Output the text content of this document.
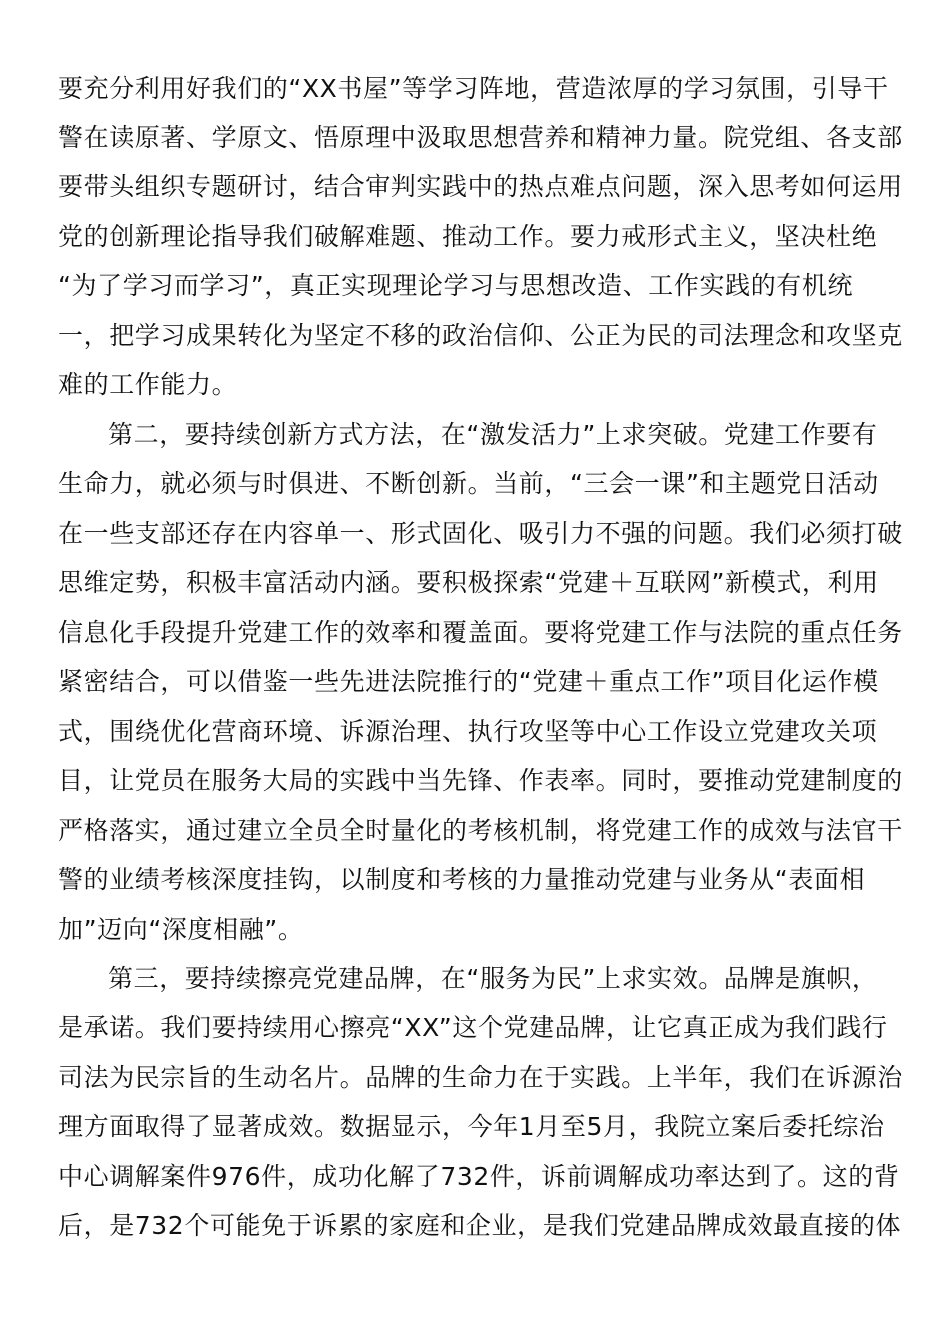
要充分利用好我们的“XX书屋”等学习阵地，营造浓厚的学习氛围，引导干
警在读原著、学原文、悟原理中汲取思想营养和精神力量。院党组、各支部
要带头组织专题研讨，结合审判实践中的热点难点问题，深入思考如何运用
党的创新理论指导我们破解难题、推动工作。要力戒形式主义，坚决杜绝
“为了学习而学习”，真正实现理论学习与思想改造、工作实践的有机统
一，把学习成果转化为坚定不移的政治信仰、公正为民的司法理念和攻坚克
难的工作能力。
第二，要持续创新方式方法，在“激发活力”上求突破。党建工作要有
生命力，就必须与时俱进、不断创新。当前，“三会一课”和主题党日活动
在一些支部还存在内容单一、形式固化、吸引力不强的问题。我们必须打破
思维定势，积极丰富活动内涵。要积极探索“党建＋互联网”新模式，利用
信息化手段提升党建工作的效率和覆盖面。要将党建工作与法院的重点任务
紧密结合，可以借鉴一些先进法院推行的“党建＋重点工作”项目化运作模
式，围绕优化营商环境、诉源治理、执行攻坚等中心工作设立党建攻关项
目，让党员在服务大局的实践中当先锋、作表率。同时，要推动党建制度的
严格落实，通过建立全员全时量化的考核机制，将党建工作的成效与法官干
警的业绩考核深度挂钩，以制度和考核的力量推动党建与业务从“表面相
加”迈向“深度相融”。
第三，要持续擦亮党建品牌，在“服务为民”上求实效。品牌是旗帜，
是承诺。我们要持续用心擦亮“XX”这个党建品牌，让它真正成为我们践行
司法为民宗旨的生动名片。品牌的生命力在于实践。上半年，我们在诉源治
理方面取得了显著成效。数据显示，今年1月至5月，我院立案后委托综治
中心调解案件976件，成功化解了732件，诉前调解成功率达到了。这的背
后，是732个可能免于诉累的家庭和企业，是我们党建品牌成效最直接的体
